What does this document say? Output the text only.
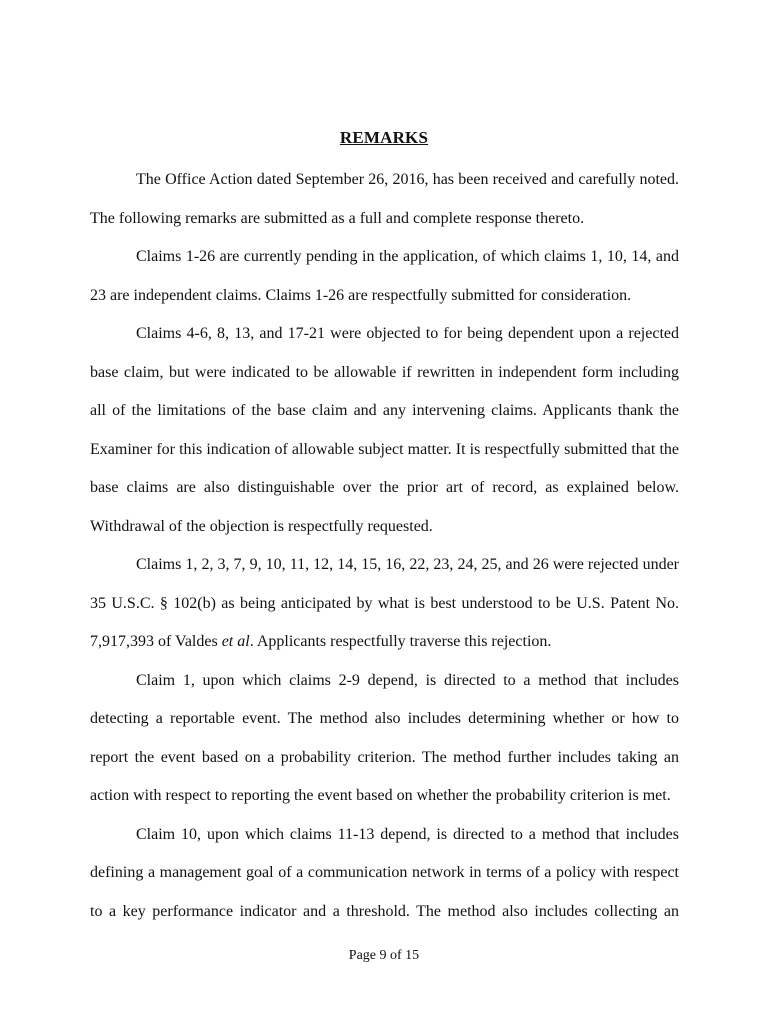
REMARKS

The Office Action dated September 26, 2016, has been received and carefully noted. The following remarks are submitted as a full and complete response thereto.

Claims 1-26 are currently pending in the application, of which claims 1, 10, 14, and 23 are independent claims. Claims 1-26 are respectfully submitted for consideration.

Claims 4-6, 8, 13, and 17-21 were objected to for being dependent upon a rejected base claim, but were indicated to be allowable if rewritten in independent form including all of the limitations of the base claim and any intervening claims. Applicants thank the Examiner for this indication of allowable subject matter. It is respectfully submitted that the base claims are also distinguishable over the prior art of record, as explained below. Withdrawal of the objection is respectfully requested.

Claims 1, 2, 3, 7, 9, 10, 11, 12, 14, 15, 16, 22, 23, 24, 25, and 26 were rejected under 35 U.S.C. § 102(b) as being anticipated by what is best understood to be U.S. Patent No. 7,917,393 of Valdes et al. Applicants respectfully traverse this rejection.

Claim 1, upon which claims 2-9 depend, is directed to a method that includes detecting a reportable event. The method also includes determining whether or how to report the event based on a probability criterion. The method further includes taking an action with respect to reporting the event based on whether the probability criterion is met.

Claim 10, upon which claims 11-13 depend, is directed to a method that includes defining a management goal of a communication network in terms of a policy with respect to a key performance indicator and a threshold. The method also includes collecting an

Page 9 of 15
